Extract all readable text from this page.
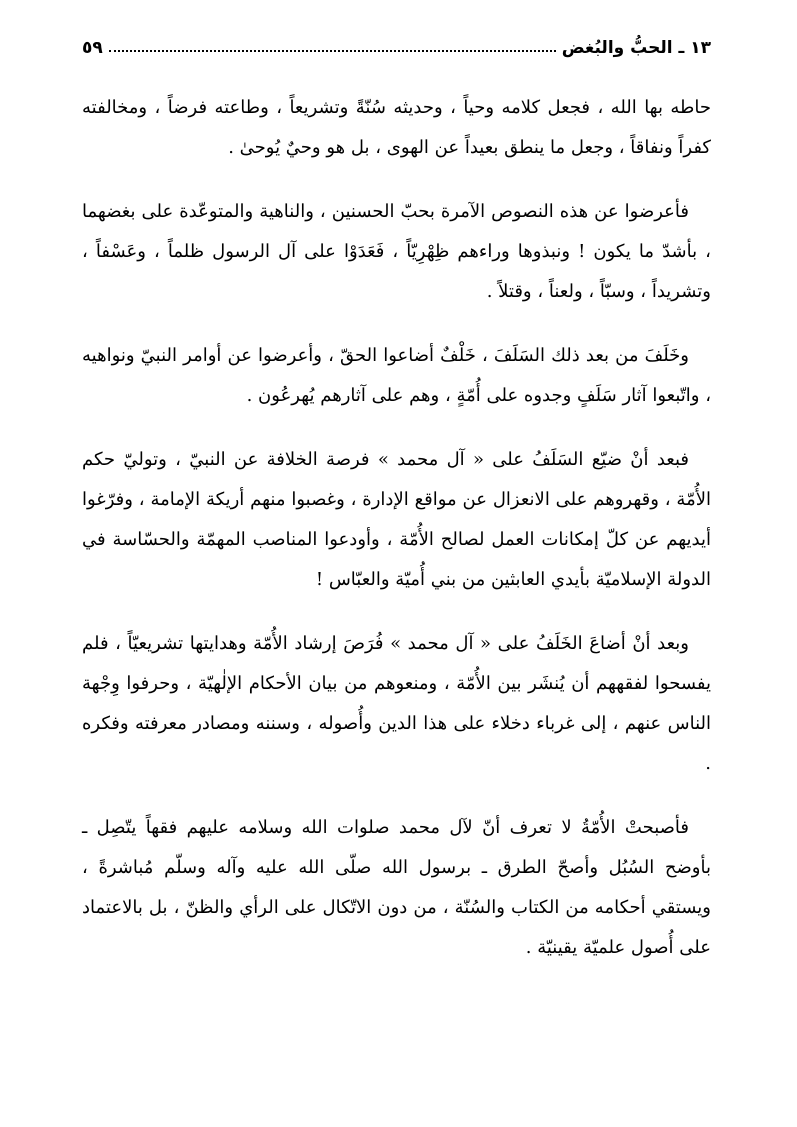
١٣ ـ الحبُّ والبُغض
٥٩

حاطه بها الله ، فجعل كلامه وحياً ، وحديثه سُنّةً وتشريعاً ، وطاعته فرضاً ، ومخالفته كفراً ونفاقاً ، وجعل ما ينطق بعيداً عن الهوى ، بل هو وحيٌ يُوحىٰ .

فأعرضوا عن هذه النصوص الآمرة بحبّ الحسنين ، والناهية والمتوعّدة على بغضهما ، بأشدّ ما يكون ! ونبذوها وراءهم ظِهْرِيّاً ، فَعَدَوْا على آل الرسول ظلماً ، وعَسْفاً ، وتشريداً ، وسبّاً ، ولعناً ، وقتلاً .

وخَلَفَ من بعد ذلك السَلَفَ ، خَلْفٌ أضاعوا الحقّ ، وأعرضوا عن أوامر النبيّ ونواهيه ، واتّبعوا آثار سَلَفٍ وجدوه على أُمّةٍ ، وهم على آثارهم يُهرعُون .

فبعد أنْ ضيّع السَلَفُ على « آل محمد » فرصة الخلافة عن النبيّ ، وتوليّ حكم الأُمّة ، وقهروهم على الانعزال عن مواقع الإدارة ، وغصبوا منهم أريكة الإمامة ، وفرّغوا أيديهم عن كلّ إمكانات العمل لصالح الأُمّة ، وأودعوا المناصب المهمّة والحسّاسة في الدولة الإسلاميّة بأيدي العابثين من بني أُميّة والعبّاس !

وبعد أنْ أضاعَ الخَلَفُ على « آل محمد » فُرَصَ إرشاد الأُمّة وهدايتها تشريعيّاً ، فلم يفسحوا لفقههم أن يُنشَر بين الأُمّة ، ومنعوهم من بيان الأحكام الإلٰهيّة ، وحرفوا وِجْهة الناس عنهم ، إلى غرباء دخلاء على هذا الدين وأُصوله ، وسننه ومصادر معرفته وفكره .

فأصبحتْ الأُمّةُ لا تعرف أنّ لآل محمد صلوات الله وسلامه عليهم فقهاً يتّصِل ـ بأوضح السُبُل وأصحّ الطرق ـ برسول الله صلّى الله عليه وآله وسلّم مُباشرةً ، ويستقي أحكامه من الكتاب والسُنّة ، من دون الاتّكال على الرأي والظنّ ، بل بالاعتماد على أُصول علميّة يقينيّة .
